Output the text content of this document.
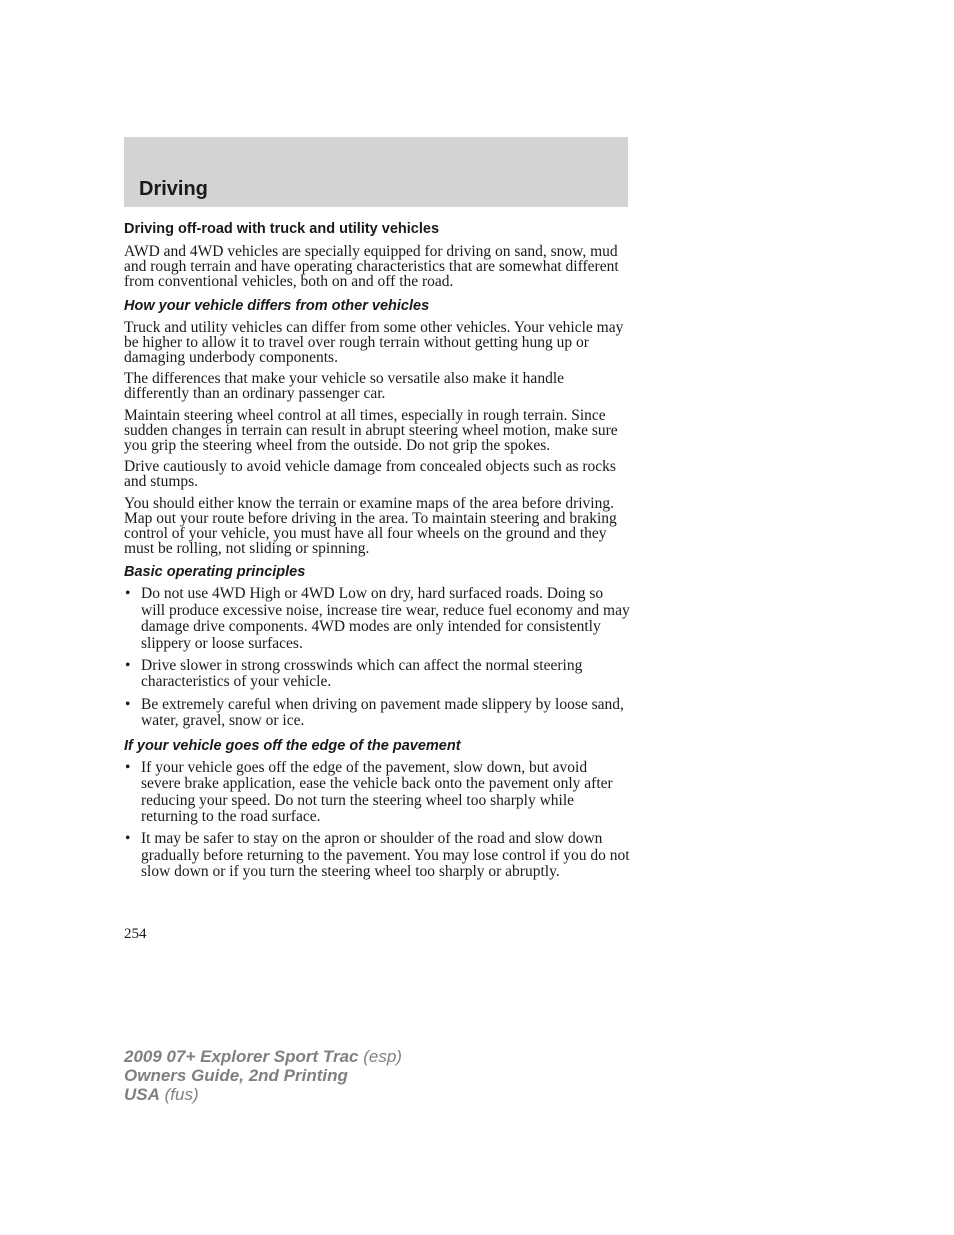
Driving
Driving off-road with truck and utility vehicles

AWD and 4WD vehicles are specially equipped for driving on sand, snow, mud and rough terrain and have operating characteristics that are somewhat different from conventional vehicles, both on and off the road.

How your vehicle differs from other vehicles

Truck and utility vehicles can differ from some other vehicles. Your vehicle may be higher to allow it to travel over rough terrain without getting hung up or damaging underbody components.

The differences that make your vehicle so versatile also make it handle differently than an ordinary passenger car.

Maintain steering wheel control at all times, especially in rough terrain. Since sudden changes in terrain can result in abrupt steering wheel motion, make sure you grip the steering wheel from the outside. Do not grip the spokes.

Drive cautiously to avoid vehicle damage from concealed objects such as rocks and stumps.

You should either know the terrain or examine maps of the area before driving. Map out your route before driving in the area. To maintain steering and braking control of your vehicle, you must have all four wheels on the ground and they must be rolling, not sliding or spinning.

Basic operating principles
• Do not use 4WD High or 4WD Low on dry, hard surfaced roads. Doing so will produce excessive noise, increase tire wear, reduce fuel economy and may damage drive components. 4WD modes are only intended for consistently slippery or loose surfaces.
• Drive slower in strong crosswinds which can affect the normal steering characteristics of your vehicle.
• Be extremely careful when driving on pavement made slippery by loose sand, water, gravel, snow or ice.
If your vehicle goes off the edge of the pavement
• If your vehicle goes off the edge of the pavement, slow down, but avoid severe brake application, ease the vehicle back onto the pavement only after reducing your speed. Do not turn the steering wheel too sharply while returning to the road surface.
• It may be safer to stay on the apron or shoulder of the road and slow down gradually before returning to the pavement. You may lose control if you do not slow down or if you turn the steering wheel too sharply or abruptly.
254
2009 07+ Explorer Sport Trac (esp)
Owners Guide, 2nd Printing
USA (fus)
